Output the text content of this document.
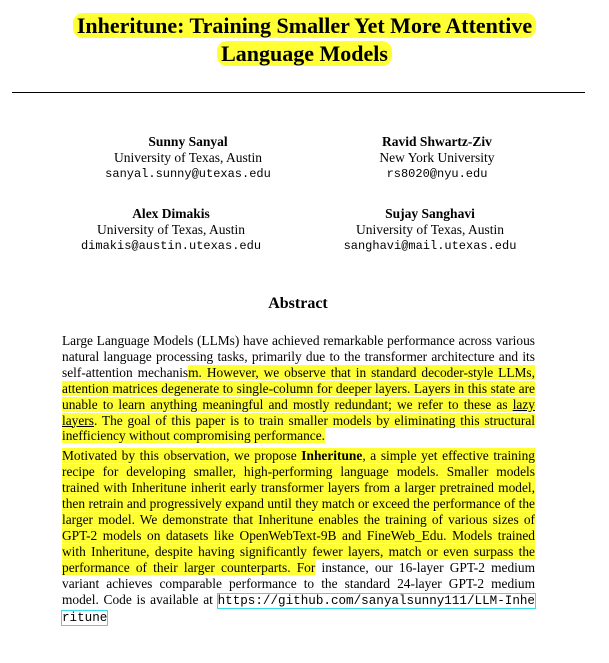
Inheritune: Training Smaller Yet More Attentive
Language Models
Sunny Sanyal
University of Texas, Austin
sanyal.sunny@utexas.edu
Ravid Shwartz-Ziv
New York University
rs8020@nyu.edu
Alex Dimakis
University of Texas, Austin
dimakis@austin.utexas.edu
Sujay Sanghavi
University of Texas, Austin
sanghavi@mail.utexas.edu
Abstract

Large Language Models (LLMs) have achieved remarkable performance across various natural language processing tasks, primarily due to the transformer architecture and its self-attention mechanism. However, we observe that in standard decoder-style LLMs, attention matrices degenerate to single-column for deeper layers. Layers in this state are unable to learn anything meaningful and mostly redundant; we refer to these as lazy layers. The goal of this paper is to train smaller models by eliminating this structural inefficiency without compromising performance.

Motivated by this observation, we propose Inheritune, a simple yet effective training recipe for developing smaller, high-performing language models. Smaller models trained with Inheritune inherit early transformer layers from a larger pretrained model, then retrain and progressively expand until they match or exceed the performance of the larger model. We demonstrate that Inheritune enables the training of various sizes of GPT-2 models on datasets like OpenWebText-9B and FineWeb_Edu. Models trained with Inheritune, despite having significantly fewer layers, match or even surpass the performance of their larger counterparts. For instance, our 16-layer GPT-2 medium variant achieves comparable performance to the standard 24-layer GPT-2 medium model. Code is available at https://github.com/sanyalsunny111/LLM-Inheritune
